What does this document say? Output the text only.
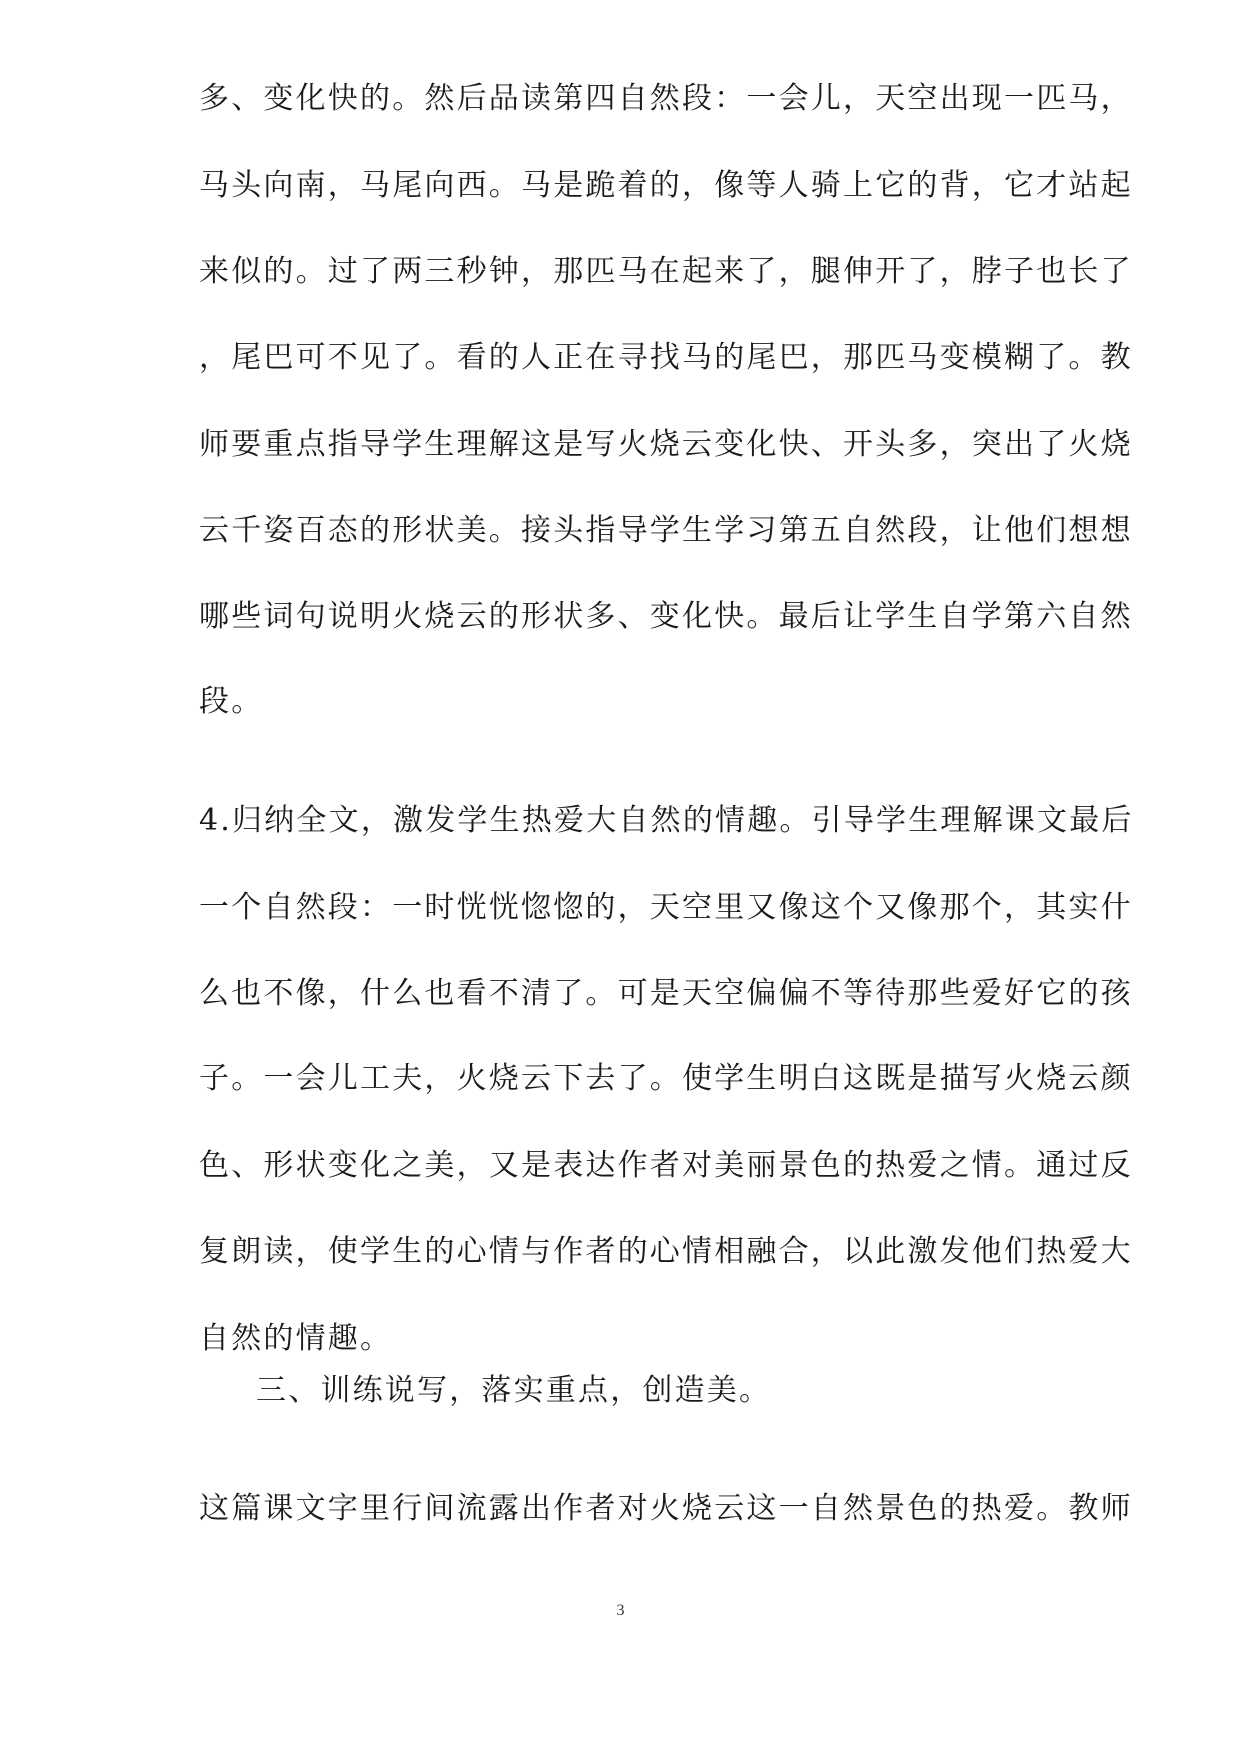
多、变化快的。然后品读第四自然段：一会儿，天空出现一匹马，
马头向南，马尾向西。马是跪着的，像等人骑上它的背，它才站起
来似的。过了两三秒钟，那匹马在起来了，腿伸开了，脖子也长了
，尾巴可不见了。看的人正在寻找马的尾巴，那匹马变模糊了。教
师要重点指导学生理解这是写火烧云变化快、开头多，突出了火烧
云千姿百态的形状美。接头指导学生学习第五自然段，让他们想想
哪些词句说明火烧云的形状多、变化快。最后让学生自学第六自然
段。
4.归纳全文，激发学生热爱大自然的情趣。引导学生理解课文最后
一个自然段：一时恍恍惚惚的，天空里又像这个又像那个，其实什
么也不像，什么也看不清了。可是天空偏偏不等待那些爱好它的孩
子。一会儿工夫，火烧云下去了。使学生明白这既是描写火烧云颜
色、形状变化之美，又是表达作者对美丽景色的热爱之情。通过反
复朗读，使学生的心情与作者的心情相融合，以此激发他们热爱大
自然的情趣。
三、训练说写，落实重点，创造美。
这篇课文字里行间流露出作者对火烧云这一自然景色的热爱。教师
3
